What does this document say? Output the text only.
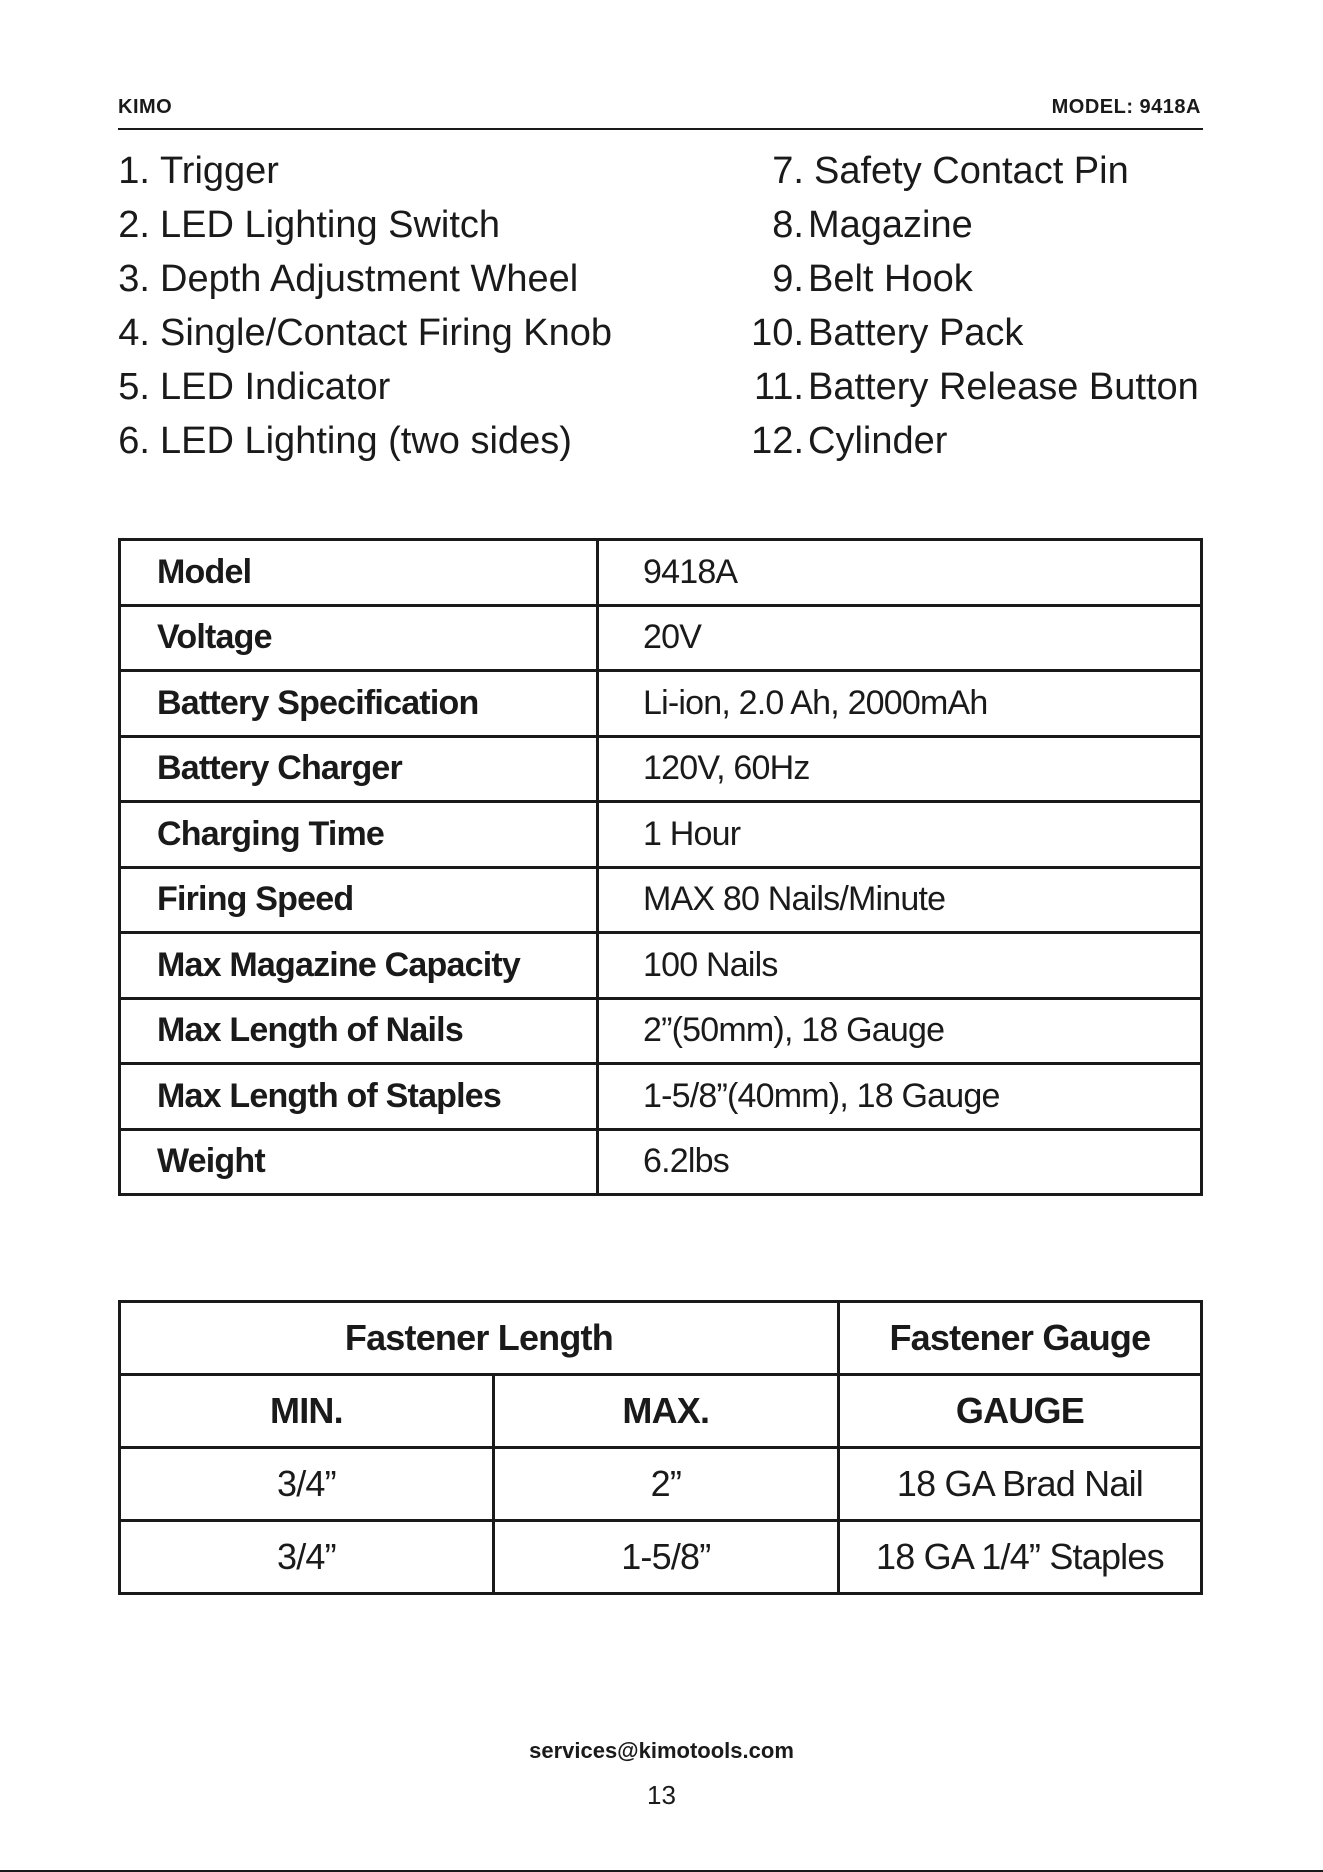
KIMO	MODEL: 9418A
1. Trigger
2. LED Lighting Switch
3. Depth Adjustment Wheel
4. Single/Contact Firing Knob
5. LED Indicator
6. LED Lighting (two sides)
7. Safety Contact Pin
8. Magazine
9. Belt Hook
10. Battery Pack
11. Battery Release Button
12. Cylinder
Model	9418A
Voltage	20V
Battery Specification	Li-ion, 2.0 Ah, 2000mAh
Battery Charger	120V, 60Hz
Charging Time	1 Hour
Firing Speed	MAX 80 Nails/Minute
Max Magazine Capacity	100 Nails
Max Length of Nails	2”(50mm), 18 Gauge
Max Length of Staples	1-5/8”(40mm), 18 Gauge
Weight	6.2lbs
Fastener Length		Fastener Gauge
MIN.	MAX.	GAUGE
3/4”	2”	18 GA Brad Nail
3/4”	1-5/8”	18 GA 1/4” Staples
services@kimotools.com
13
